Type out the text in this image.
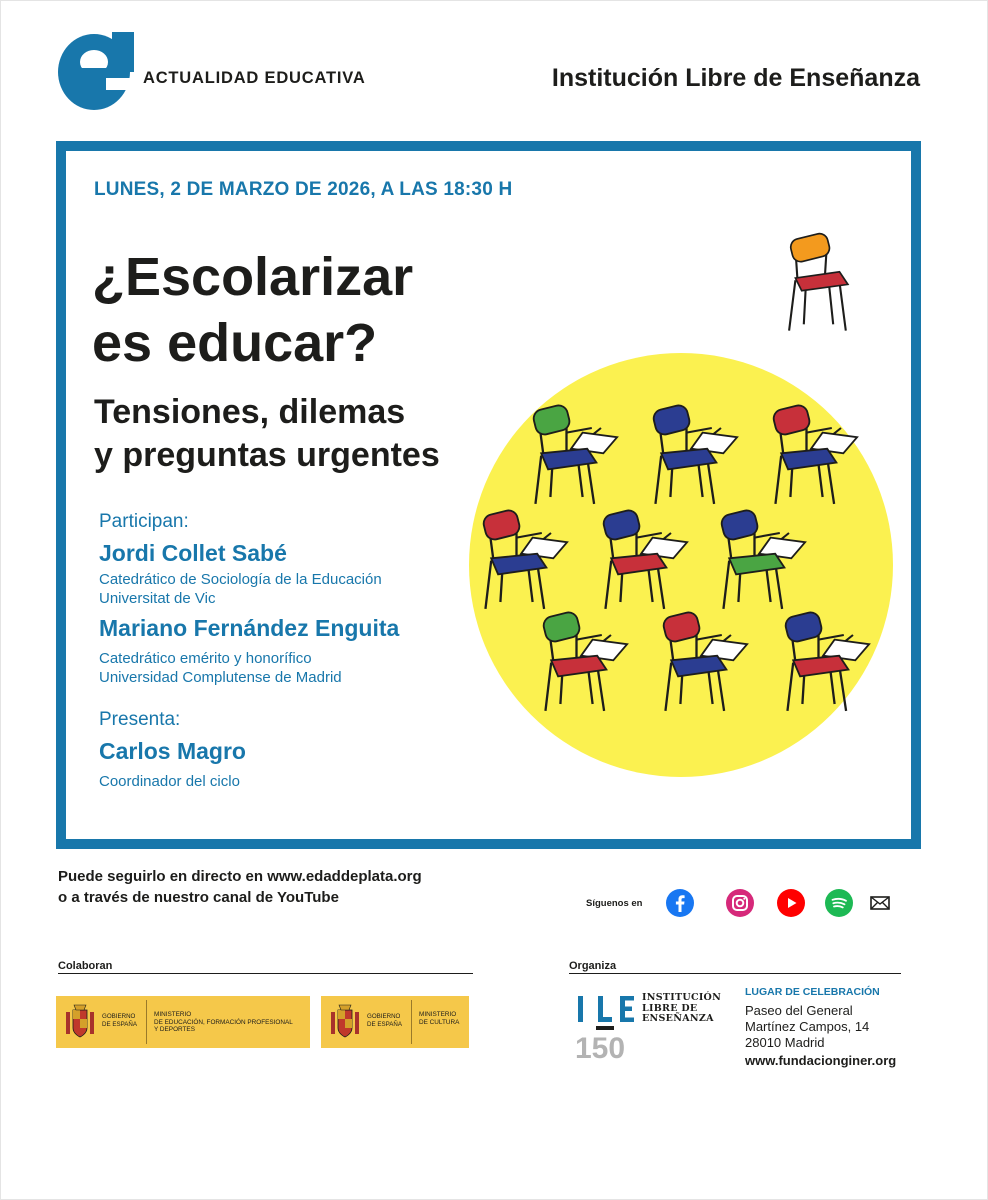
ACTUALIDAD EDUCATIVA	Institución Libre de Enseñanza
LUNES, 2 DE MARZO DE 2026, A LAS 18:30 H
¿Escolarizar
es educar?
Tensiones, dilemas
y preguntas urgentes
Participan:
Jordi Collet Sabé
Catedrático de Sociología de la Educación
Universitat de Vic
Mariano Fernández Enguita
Catedrático emérito y honorífico
Universidad Complutense de Madrid
Presenta:
Carlos Magro
Coordinador del ciclo
Puede seguirlo en directo en www.edaddeplata.org
o a través de nuestro canal de YouTube	Síguenos en
Colaboran
GOBIERNO
DE ESPAÑA
MINISTERIO
DE EDUCACIÓN, FORMACIÓN PROFESIONAL
Y DEPORTES
GOBIERNO
DE ESPAÑA
MINISTERIO
DE CULTURA
Organiza
150
INSTITUCIÓN
LIBRE DE
ENSEÑANZA
LUGAR DE CELEBRACIÓN
Paseo del General
Martínez Campos, 14
28010 Madrid
www.fundacionginer.org
